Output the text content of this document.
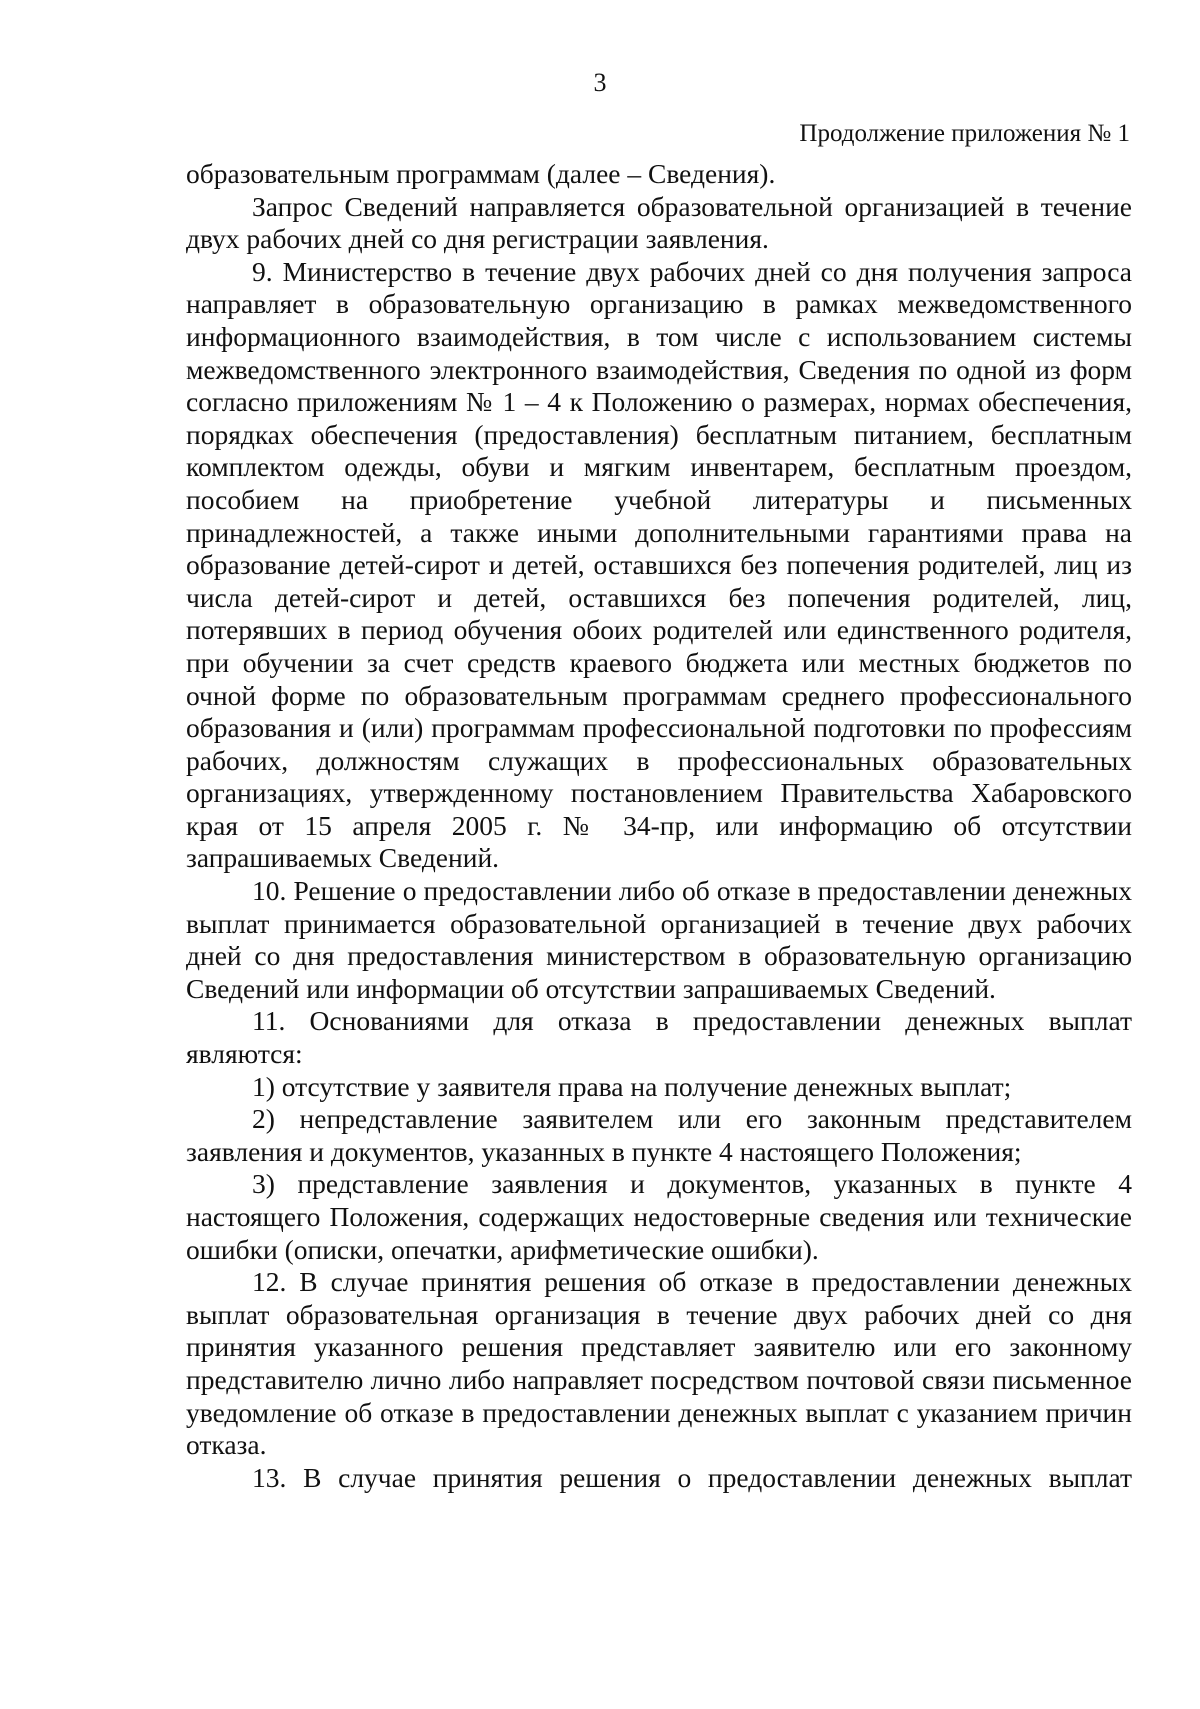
3
Продолжение приложения № 1

образовательным программам (далее – Сведения).

Запрос Сведений направляется образовательной организацией в течение двух рабочих дней со дня регистрации заявления.

9. Министерство в течение двух рабочих дней со дня получения запроса направляет в образовательную организацию в рамках межведомственного информационного взаимодействия, в том числе с использованием системы межведомственного электронного взаимодействия, Сведения по одной из форм согласно приложениям № 1 – 4 к Положению о размерах, нормах обеспечения, порядках обеспечения (предоставления) бесплатным питанием, бесплатным комплектом одежды, обуви и мягким инвентарем, бесплатным проездом, пособием на приобретение учебной литературы и письменных принадлежностей, а также иными дополнительными гарантиями права на образование детей-сирот и детей, оставшихся без попечения родителей, лиц из числа детей-сирот и детей, оставшихся без попечения родителей, лиц, потерявших в период обучения обоих родителей или единственного родителя, при обучении за счет средств краевого бюджета или местных бюджетов по очной форме по образовательным программам среднего профессионального образования и (или) программам профессиональной подготовки по профессиям рабочих, должностям служащих в профессиональных образовательных организациях, утвержденному постановлением Правительства Хабаровского края от 15 апреля 2005 г. № 34-пр, или информацию об отсутствии запрашиваемых Сведений.

10. Решение о предоставлении либо об отказе в предоставлении денежных выплат принимается образовательной организацией в течение двух рабочих дней со дня предоставления министерством в образовательную организацию Сведений или информации об отсутствии запрашиваемых Сведений.

11. Основаниями для отказа в предоставлении денежных выплат являются:

1) отсутствие у заявителя права на получение денежных выплат;

2) непредставление заявителем или его законным представителем заявления и документов, указанных в пункте 4 настоящего Положения;

3) представление заявления и документов, указанных в пункте 4 настоящего Положения, содержащих недостоверные сведения или технические ошибки (описки, опечатки, арифметические ошибки).

12. В случае принятия решения об отказе в предоставлении денежных выплат образовательная организация в течение двух рабочих дней со дня принятия указанного решения представляет заявителю или его законному представителю лично либо направляет посредством почтовой связи письменное уведомление об отказе в предоставлении денежных выплат с указанием причин отказа.

13. В случае принятия решения о предоставлении денежных выплат
